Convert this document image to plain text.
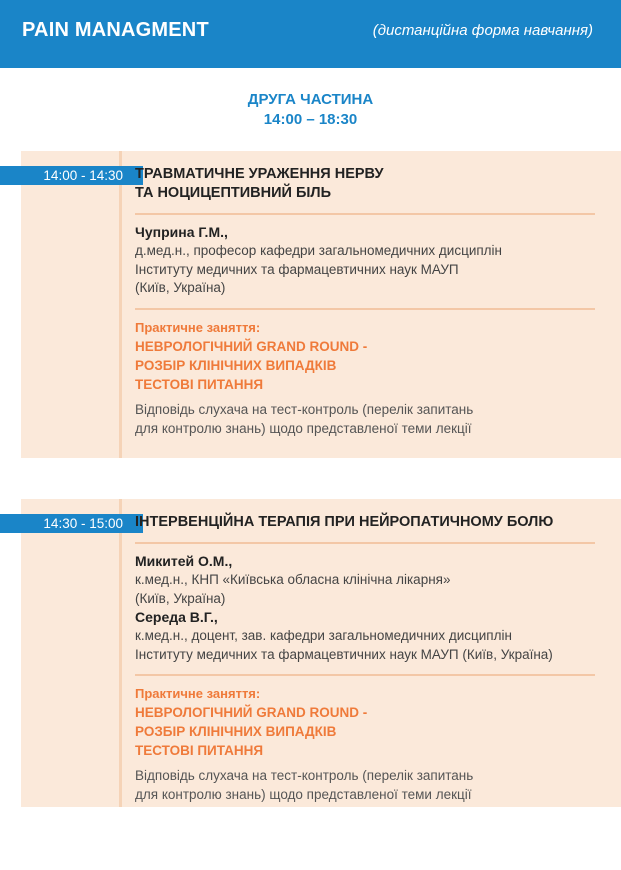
PAIN MANAGMENT	(дистанційна форма навчання)
ДРУГА ЧАСТИНА
14:00 – 18:30
14:00 - 14:30 ТРАВМАТИЧНЕ УРАЖЕННЯ НЕРВУ
ТА НОЦИЦЕПТИВНИЙ БІЛЬ
Чуприна Г.М.,
д.мед.н., професор кафедри загальномедичних дисциплін
Інституту медичних та фармацевтичних наук МАУП
(Київ, Україна)
Практичне заняття:
НЕВРОЛОГІЧНИЙ GRAND ROUND -
РОЗБІР КЛІНІЧНИХ ВИПАДКІВ
ТЕСТОВІ ПИТАННЯ
Відповідь слухача на тест-контроль (перелік запитань
для контролю знань) щодо представленої теми лекції
14:30 - 15:00 ІНТЕРВЕНЦІЙНА ТЕРАПІЯ ПРИ НЕЙРОПАТИЧНОМУ БОЛЮ
Микитей О.М.,
к.мед.н., КНП «Київська обласна клінічна лікарня»
(Київ, Україна)
Середа В.Г.,
к.мед.н., доцент, зав. кафедри загальномедичних дисциплін
Інституту медичних та фармацевтичних наук МАУП (Київ, Україна)
Практичне заняття:
НЕВРОЛОГІЧНИЙ GRAND ROUND -
РОЗБІР КЛІНІЧНИХ ВИПАДКІВ
ТЕСТОВІ ПИТАННЯ
Відповідь слухача на тест-контроль (перелік запитань
для контролю знань) щодо представленої теми лекції
